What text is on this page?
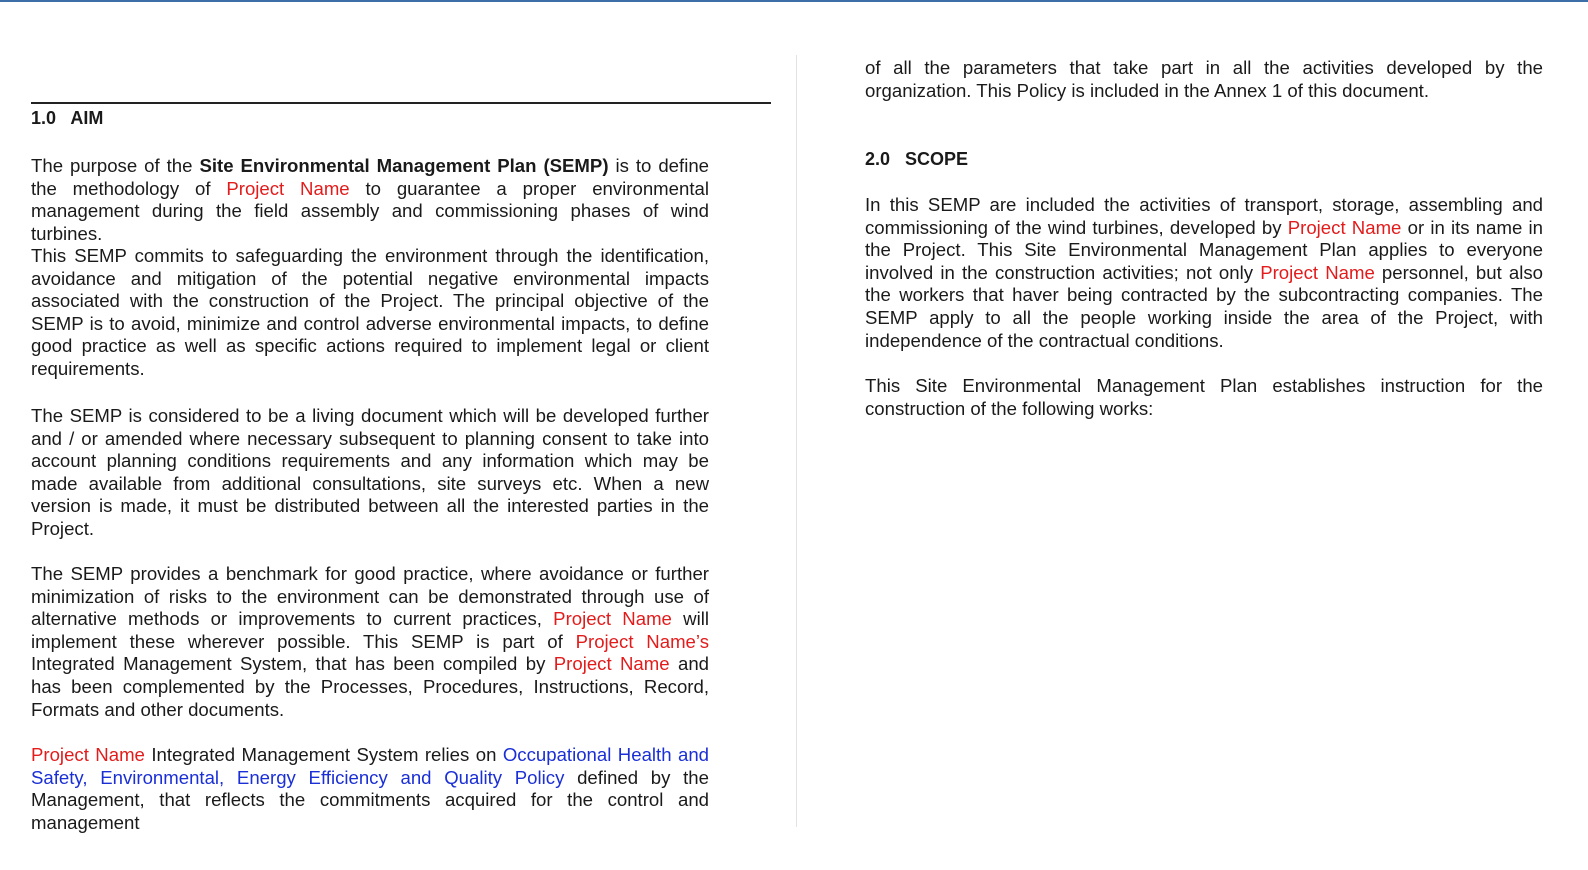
1.0 AIM

The purpose of the Site Environmental Management Plan (SEMP) is to define the methodology of Project Name to guarantee a proper environmental management during the field assembly and commissioning phases of wind turbines.

This SEMP commits to safeguarding the environment through the identification, avoidance and mitigation of the potential negative environmental impacts associated with the construction of the Project. The principal objective of the SEMP is to avoid, minimize and control adverse environmental impacts, to define good practice as well as specific actions required to implement legal or client requirements.

The SEMP is considered to be a living document which will be developed further and / or amended where necessary subsequent to planning consent to take into account planning conditions requirements and any information which may be made available from additional consultations, site surveys etc. When a new version is made, it must be distributed between all the interested parties in the Project.

The SEMP provides a benchmark for good practice, where avoidance or further minimization of risks to the environment can be demonstrated through use of alternative methods or improvements to current practices, Project Name will implement these wherever possible. This SEMP is part of Project Name’s Integrated Management System, that has been compiled by Project Name and has been complemented by the Processes, Procedures, Instructions, Record, Formats and other documents.

Project Name Integrated Management System relies on Occupational Health and Safety, Environmental, Energy Efficiency and Quality Policy defined by the Management, that reflects the commitments acquired for the control and management

of all the parameters that take part in all the activities developed by the organization. This Policy is included in the Annex 1 of this document.

2.0 SCOPE

In this SEMP are included the activities of transport, storage, assembling and commissioning of the wind turbines, developed by Project Name or in its name in the Project. This Site Environmental Management Plan applies to everyone involved in the construction activities; not only Project Name personnel, but also the workers that haver being contracted by the subcontracting companies. The SEMP apply to all the people working inside the area of the Project, with independence of the contractual conditions.

This Site Environmental Management Plan establishes instruction for the construction of the following works:
